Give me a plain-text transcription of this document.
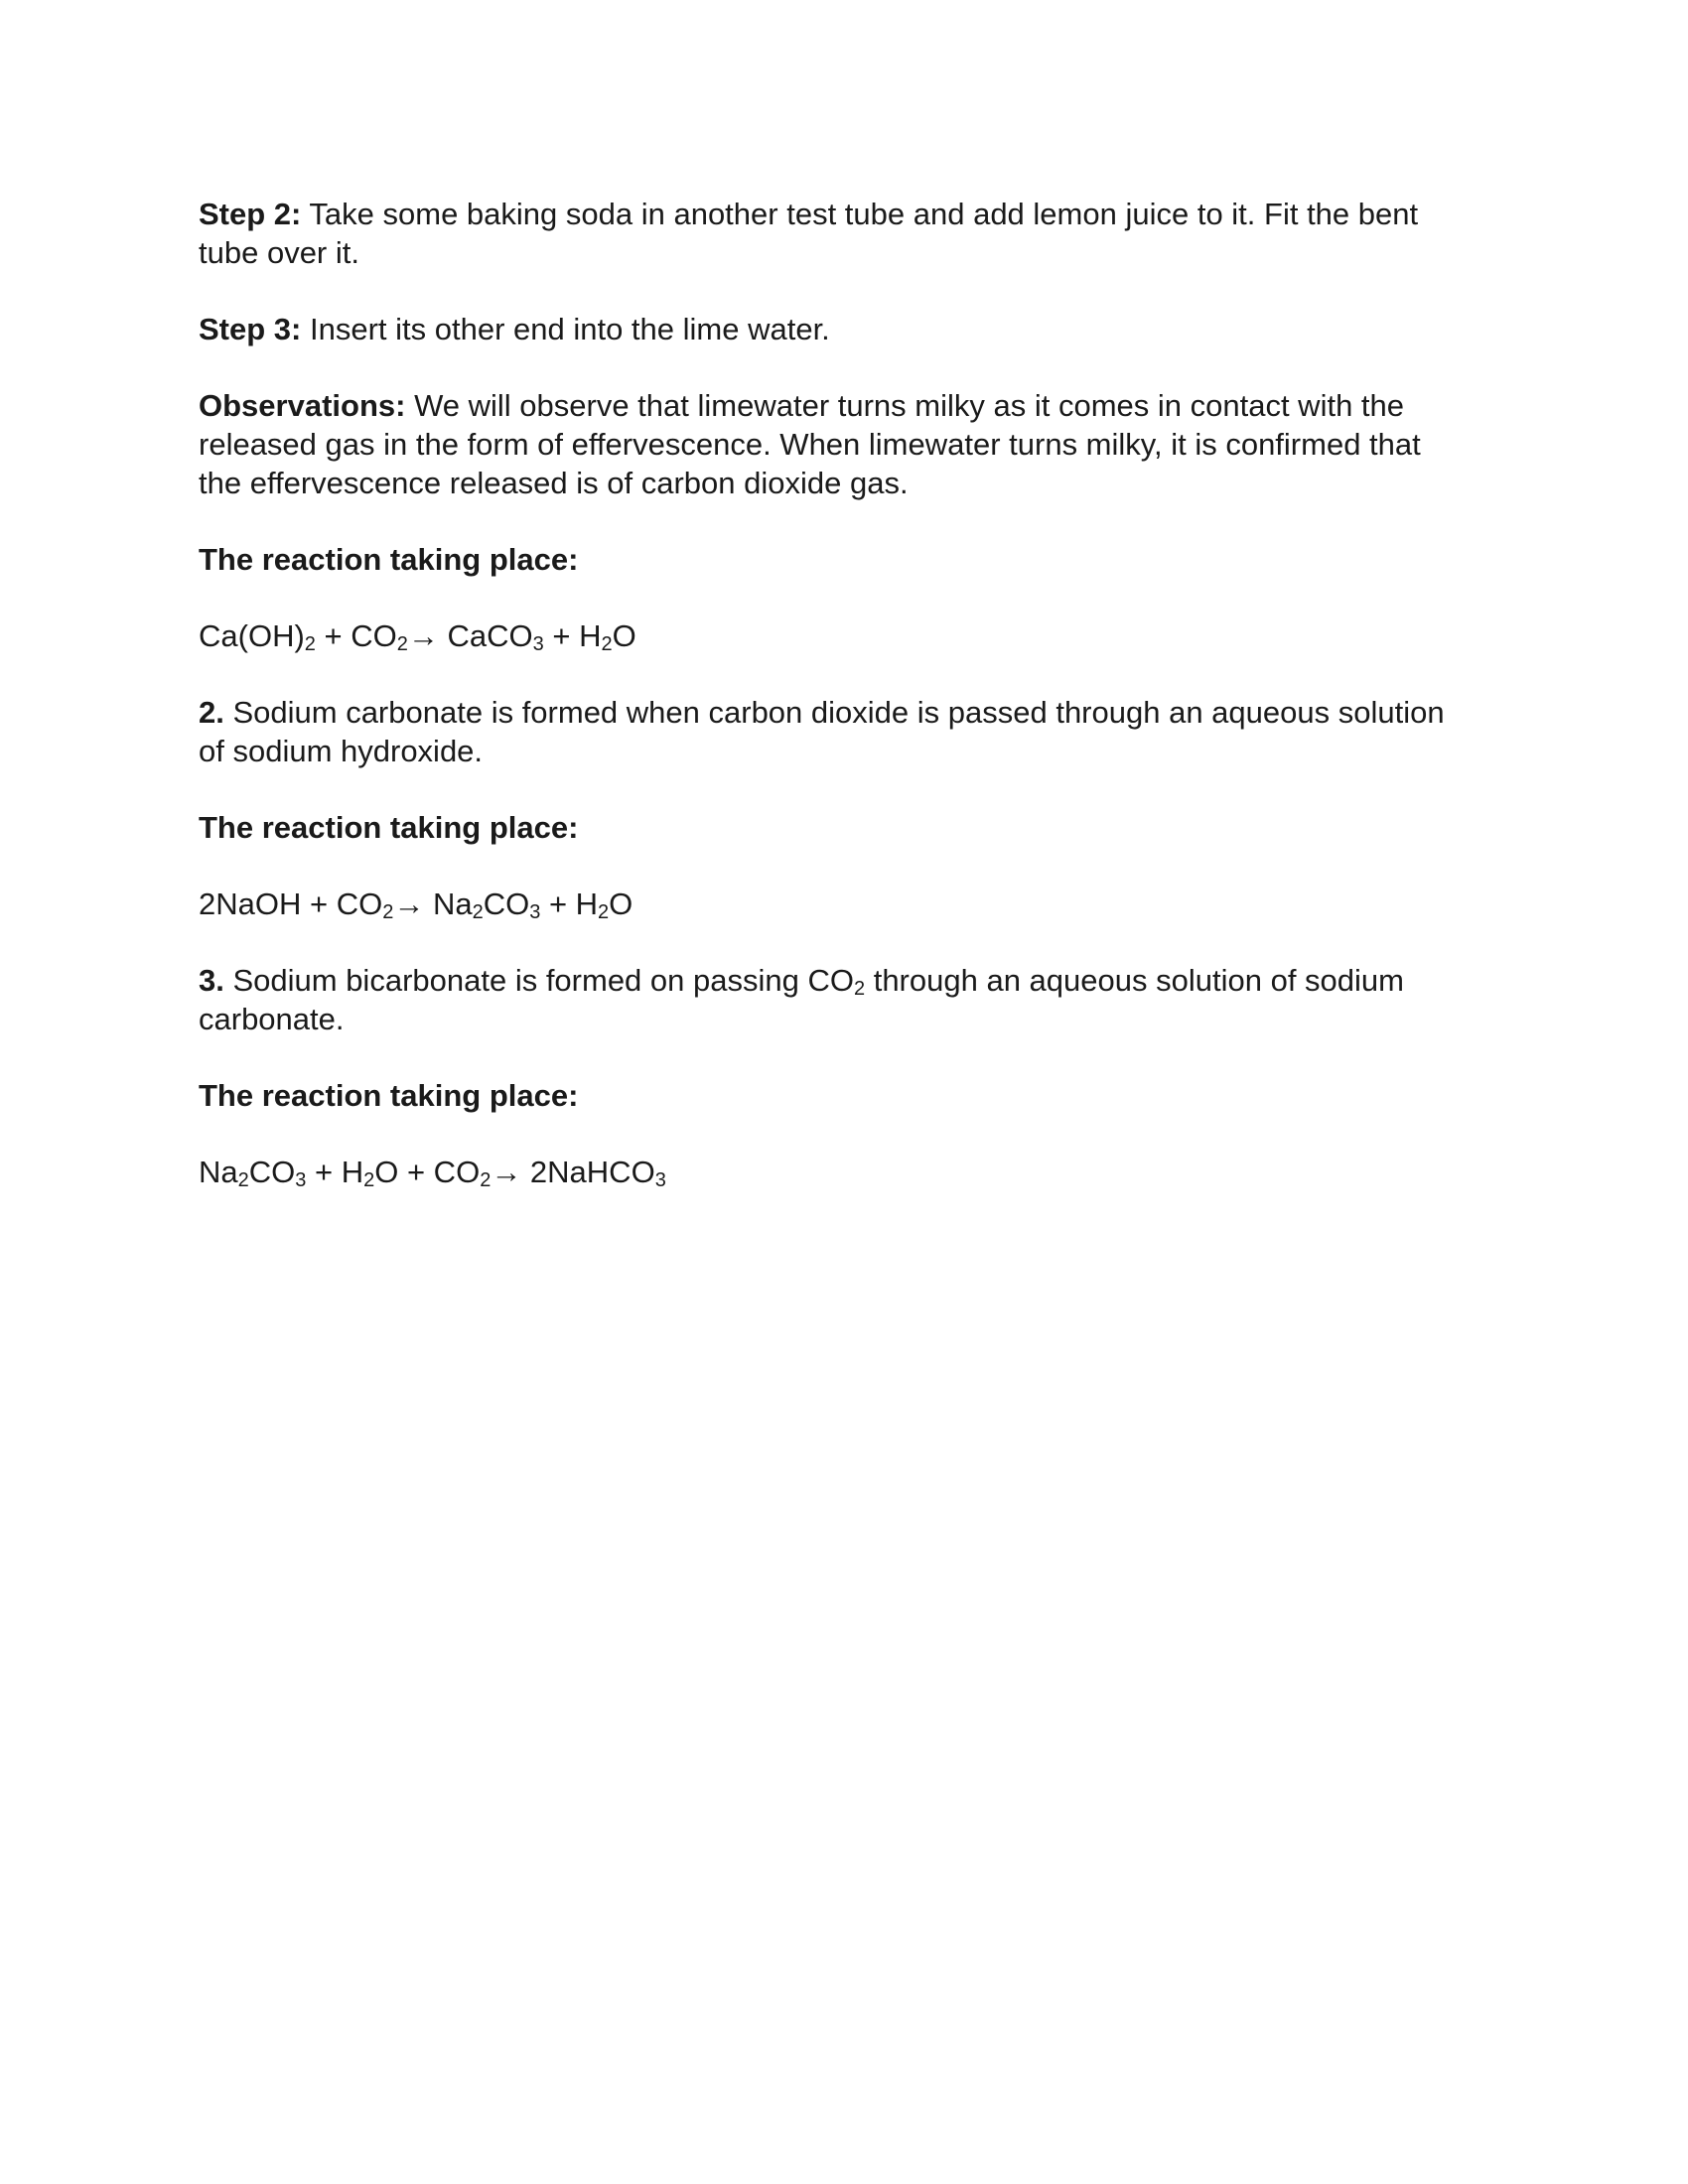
Step 2: Take some baking soda in another test tube and add lemon juice to it. Fit the bent tube over it.

Step 3: Insert its other end into the lime water.

Observations: We will observe that limewater turns milky as it comes in contact with the released gas in the form of effervescence. When limewater turns milky, it is confirmed that the effervescence released is of carbon dioxide gas.

The reaction taking place:

$Ca(OH)_2 + CO_2\to$ CaCO$_3$ + $H_2O$

2. Sodium carbonate is formed when carbon dioxide is passed through an aqueous solution of sodium hydroxide.

The reaction taking place:

2NaOH + $CO_2\to Na_2CO_3 + H_2O$

3. Sodium bicarbonate is formed on passing $CO_2$ through an aqueous solution of sodium carbonate.

The reaction taking place:

$Na_2CO_3 + H_2O + CO_2\to$ 2NaHCO$_3$
